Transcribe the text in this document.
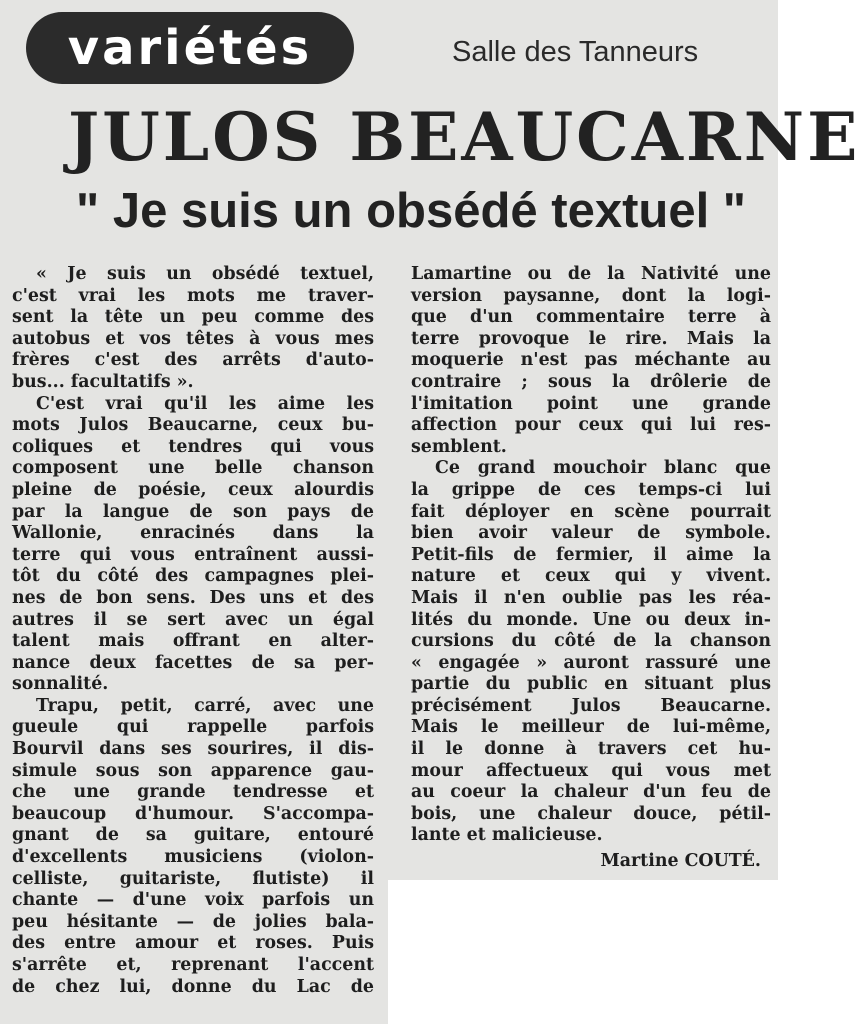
variétés	Salle des Tanneurs
JULOS BEAUCARNE
" Je suis un obsédé textuel "
« Je suis un obsédé textuel,
c'est vrai les mots me traver-
sent la tête un peu comme des
autobus et vos têtes à vous mes
frères c'est des arrêts d'auto-
bus... facultatifs ».
C'est vrai qu'il les aime les
mots Julos Beaucarne, ceux bu-
coliques et tendres qui vous
composent une belle chanson
pleine de poésie, ceux alourdis
par la langue de son pays de
Wallonie, enracinés dans la
terre qui vous entraînent aussi-
tôt du côté des campagnes plei-
nes de bon sens. Des uns et des
autres il se sert avec un égal
talent mais offrant en alter-
nance deux facettes de sa per-
sonnalité.
Trapu, petit, carré, avec une
gueule qui rappelle parfois
Bourvil dans ses sourires, il dis-
simule sous son apparence gau-
che une grande tendresse et
beaucoup d'humour. S'accompa-
gnant de sa guitare, entouré
d'excellents musiciens (violon-
celliste, guitariste, flutiste) il
chante — d'une voix parfois un
peu hésitante — de jolies bala-
des entre amour et roses. Puis
s'arrête et, reprenant l'accent
de chez lui, donne du Lac de
Lamartine ou de la Nativité une
version paysanne, dont la logi-
que d'un commentaire terre à
terre provoque le rire. Mais la
moquerie n'est pas méchante au
contraire ; sous la drôlerie de
l'imitation point une grande
affection pour ceux qui lui res-
semblent.
Ce grand mouchoir blanc que
la grippe de ces temps-ci lui
fait déployer en scène pourrait
bien avoir valeur de symbole.
Petit-fils de fermier, il aime la
nature et ceux qui y vivent.
Mais il n'en oublie pas les réa-
lités du monde. Une ou deux in-
cursions du côté de la chanson
« engagée » auront rassuré une
partie du public en situant plus
précisément Julos Beaucarne.
Mais le meilleur de lui-même,
il le donne à travers cet hu-
mour affectueux qui vous met
au coeur la chaleur d'un feu de
bois, une chaleur douce, pétil-
lante et malicieuse.
Martine COUTÉ.
